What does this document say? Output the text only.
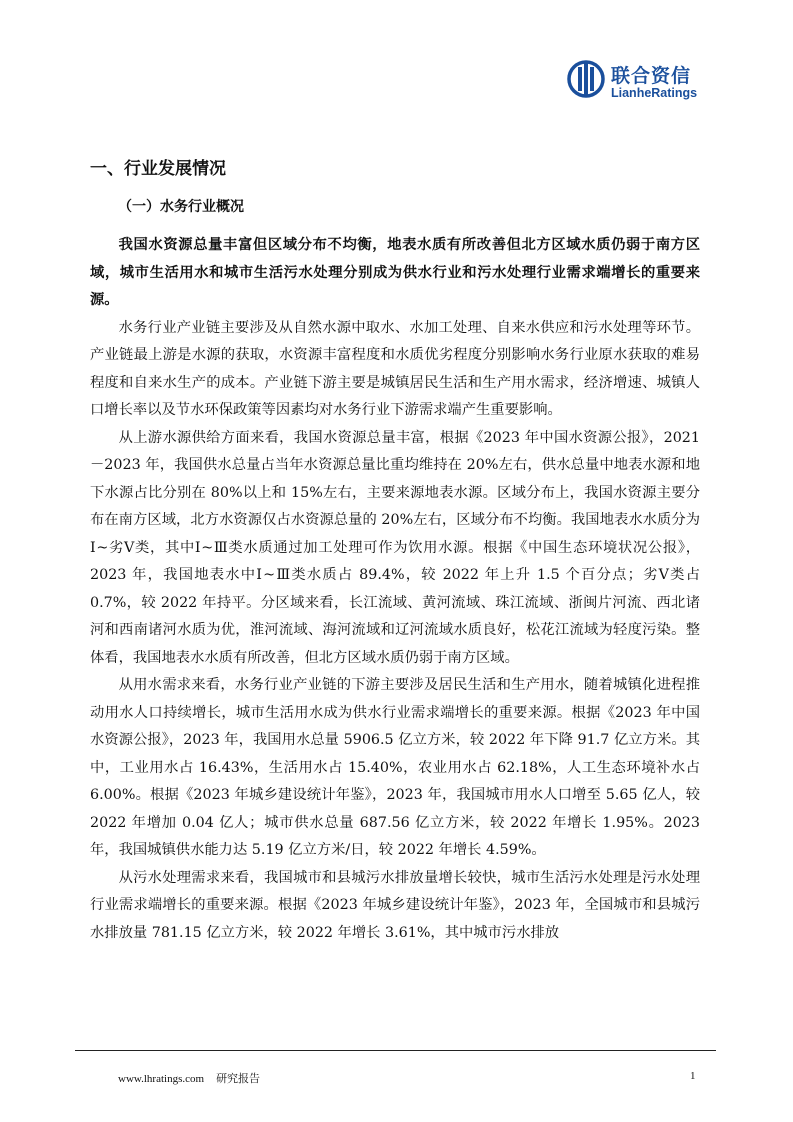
联合资信
LianheRatings
一、行业发展情况
（一）水务行业概况

我国水资源总量丰富但区域分布不均衡，地表水质有所改善但北方区域水质仍弱于南方区域，城市生活用水和城市生活污水处理分别成为供水行业和污水处理行业需求端增长的重要来源。

水务行业产业链主要涉及从自然水源中取水、水加工处理、自来水供应和污水处理等环节。产业链最上游是水源的获取，水资源丰富程度和水质优劣程度分别影响水务行业原水获取的难易程度和自来水生产的成本。产业链下游主要是城镇居民生活和生产用水需求，经济增速、城镇人口增长率以及节水环保政策等因素均对水务行业下游需求端产生重要影响。

从上游水源供给方面来看，我国水资源总量丰富，根据《2023 年中国水资源公报》，2021－2023 年，我国供水总量占当年水资源总量比重均维持在 20%左右，供水总量中地表水源和地下水源占比分别在 80%以上和 15%左右，主要来源地表水源。区域分布上，我国水资源主要分布在南方区域，北方水资源仅占水资源总量的 20%左右，区域分布不均衡。我国地表水水质分为Ⅰ~劣Ⅴ类，其中Ⅰ~Ⅲ类水质通过加工处理可作为饮用水源。根据《中国生态环境状况公报》，2023 年，我国地表水中Ⅰ~Ⅲ类水质占 89.4%，较 2022 年上升 1.5 个百分点；劣Ⅴ类占 0.7%，较 2022 年持平。分区域来看，长江流域、黄河流域、珠江流域、浙闽片河流、西北诸河和西南诸河水质为优，淮河流域、海河流域和辽河流域水质良好，松花江流域为轻度污染。整体看，我国地表水水质有所改善，但北方区域水质仍弱于南方区域。

从用水需求来看，水务行业产业链的下游主要涉及居民生活和生产用水，随着城镇化进程推动用水人口持续增长，城市生活用水成为供水行业需求端增长的重要来源。根据《2023 年中国水资源公报》，2023 年，我国用水总量 5906.5 亿立方米，较 2022 年下降 91.7 亿立方米。其中，工业用水占 16.43%，生活用水占 15.40%，农业用水占 62.18%，人工生态环境补水占 6.00%。根据《2023 年城乡建设统计年鉴》，2023 年，我国城市用水人口增至 5.65 亿人，较 2022 年增加 0.04 亿人；城市供水总量 687.56 亿立方米，较 2022 年增长 1.95%。2023 年，我国城镇供水能力达 5.19 亿立方米/日，较 2022 年增长 4.59%。

从污水处理需求来看，我国城市和县城污水排放量增长较快，城市生活污水处理是污水处理行业需求端增长的重要来源。根据《2023 年城乡建设统计年鉴》，2023 年，全国城市和县城污水排放量 781.15 亿立方米，较 2022 年增长 3.61%，其中城市污水排放

www.lhratings.com 研究报告	1
